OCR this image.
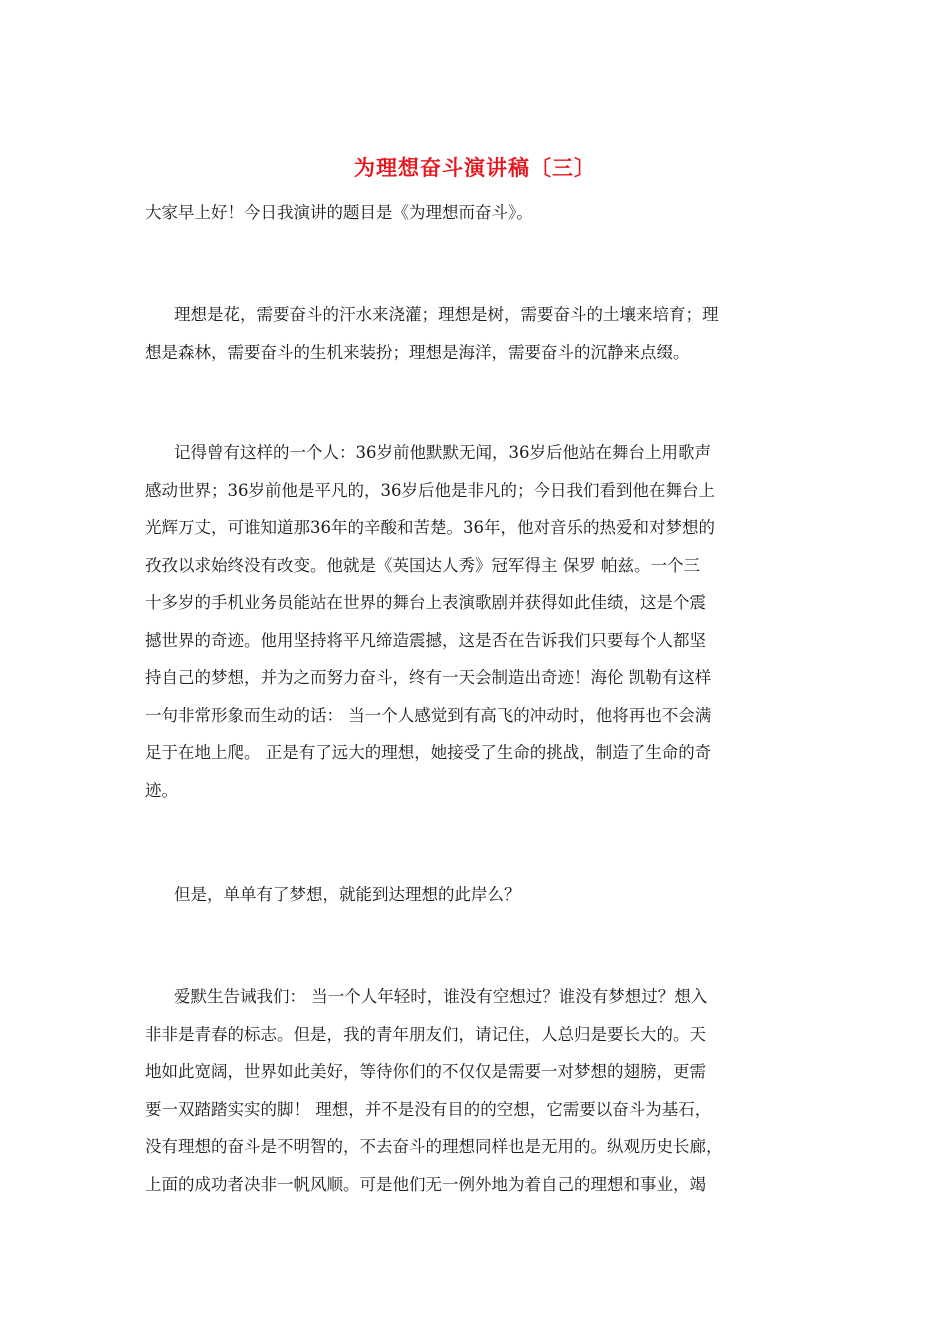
为理想奋斗演讲稿〔三〕
大家早上好！今日我演讲的题目是《为理想而奋斗》。
理想是花，需要奋斗的汗水来浇灌；理想是树，需要奋斗的土壤来培育；理
想是森林，需要奋斗的生机来装扮；理想是海洋，需要奋斗的沉静来点缀。
记得曾有这样的一个人：36岁前他默默无闻，36岁后他站在舞台上用歌声
感动世界；36岁前他是平凡的，36岁后他是非凡的；今日我们看到他在舞台上
光辉万丈，可谁知道那36年的辛酸和苦楚。36年，他对音乐的热爱和对梦想的
孜孜以求始终没有改变。他就是《英国达人秀》冠军得主 保罗 帕兹。一个三
十多岁的手机业务员能站在世界的舞台上表演歌剧并获得如此佳绩，这是个震
撼世界的奇迹。他用坚持将平凡缔造震撼，这是否在告诉我们只要每个人都坚
持自己的梦想，并为之而努力奋斗，终有一天会制造出奇迹！海伦 凯勒有这样
一句非常形象而生动的话： 当一个人感觉到有高飞的冲动时，他将再也不会满
足于在地上爬。 正是有了远大的理想，她接受了生命的挑战，制造了生命的奇
迹。
但是，单单有了梦想，就能到达理想的此岸么？
爱默生告诫我们： 当一个人年轻时，谁没有空想过？谁没有梦想过？想入
非非是青春的标志。但是，我的青年朋友们，请记住，人总归是要长大的。天
地如此宽阔，世界如此美好，等待你们的不仅仅是需要一对梦想的翅膀，更需
要一双踏踏实实的脚！ 理想，并不是没有目的的空想，它需要以奋斗为基石，
没有理想的奋斗是不明智的，不去奋斗的理想同样也是无用的。纵观历史长廊，
上面的成功者决非一帆风顺。可是他们无一例外地为着自己的理想和事业，竭
